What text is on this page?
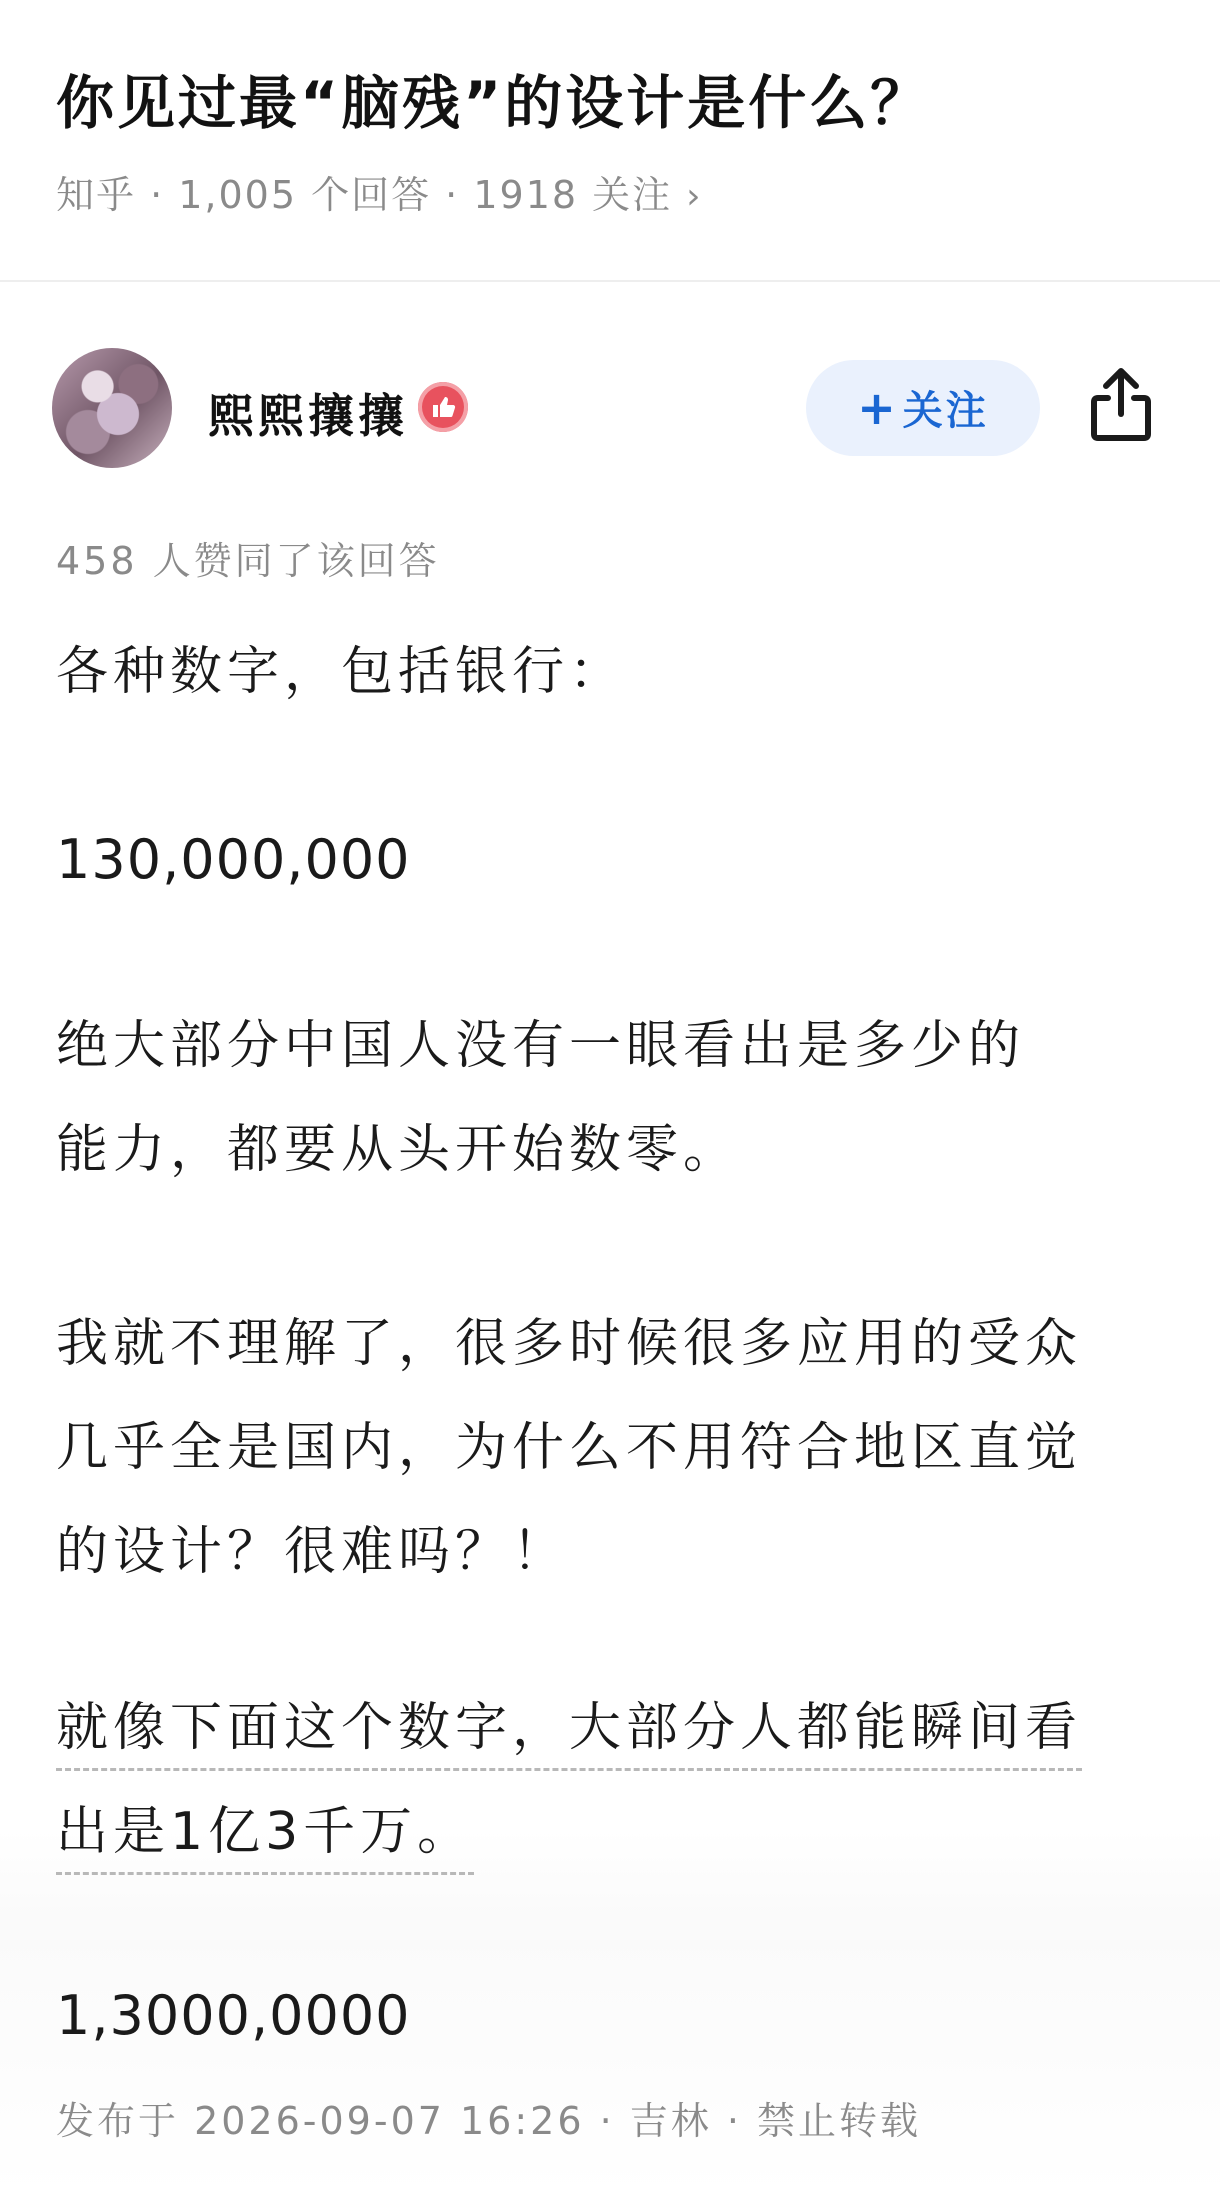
你见过最“脑残”的设计是什么？
知乎 · 1,005 个回答 · 1918 关注 ›
熙熙攘攘	+ 关注
458 人赞同了该回答
各种数字，包括银行：
130,000,000
绝大部分中国人没有一眼看出是多少的
能力，都要从头开始数零。
我就不理解了，很多时候很多应用的受众
几乎全是国内，为什么不用符合地区直觉
的设计？很难吗？！
就像下面这个数字，大部分人都能瞬间看
出是1亿3千万。
1,3000,0000
发布于 2026-09-07 16:26 · 吉林 · 禁止转载
